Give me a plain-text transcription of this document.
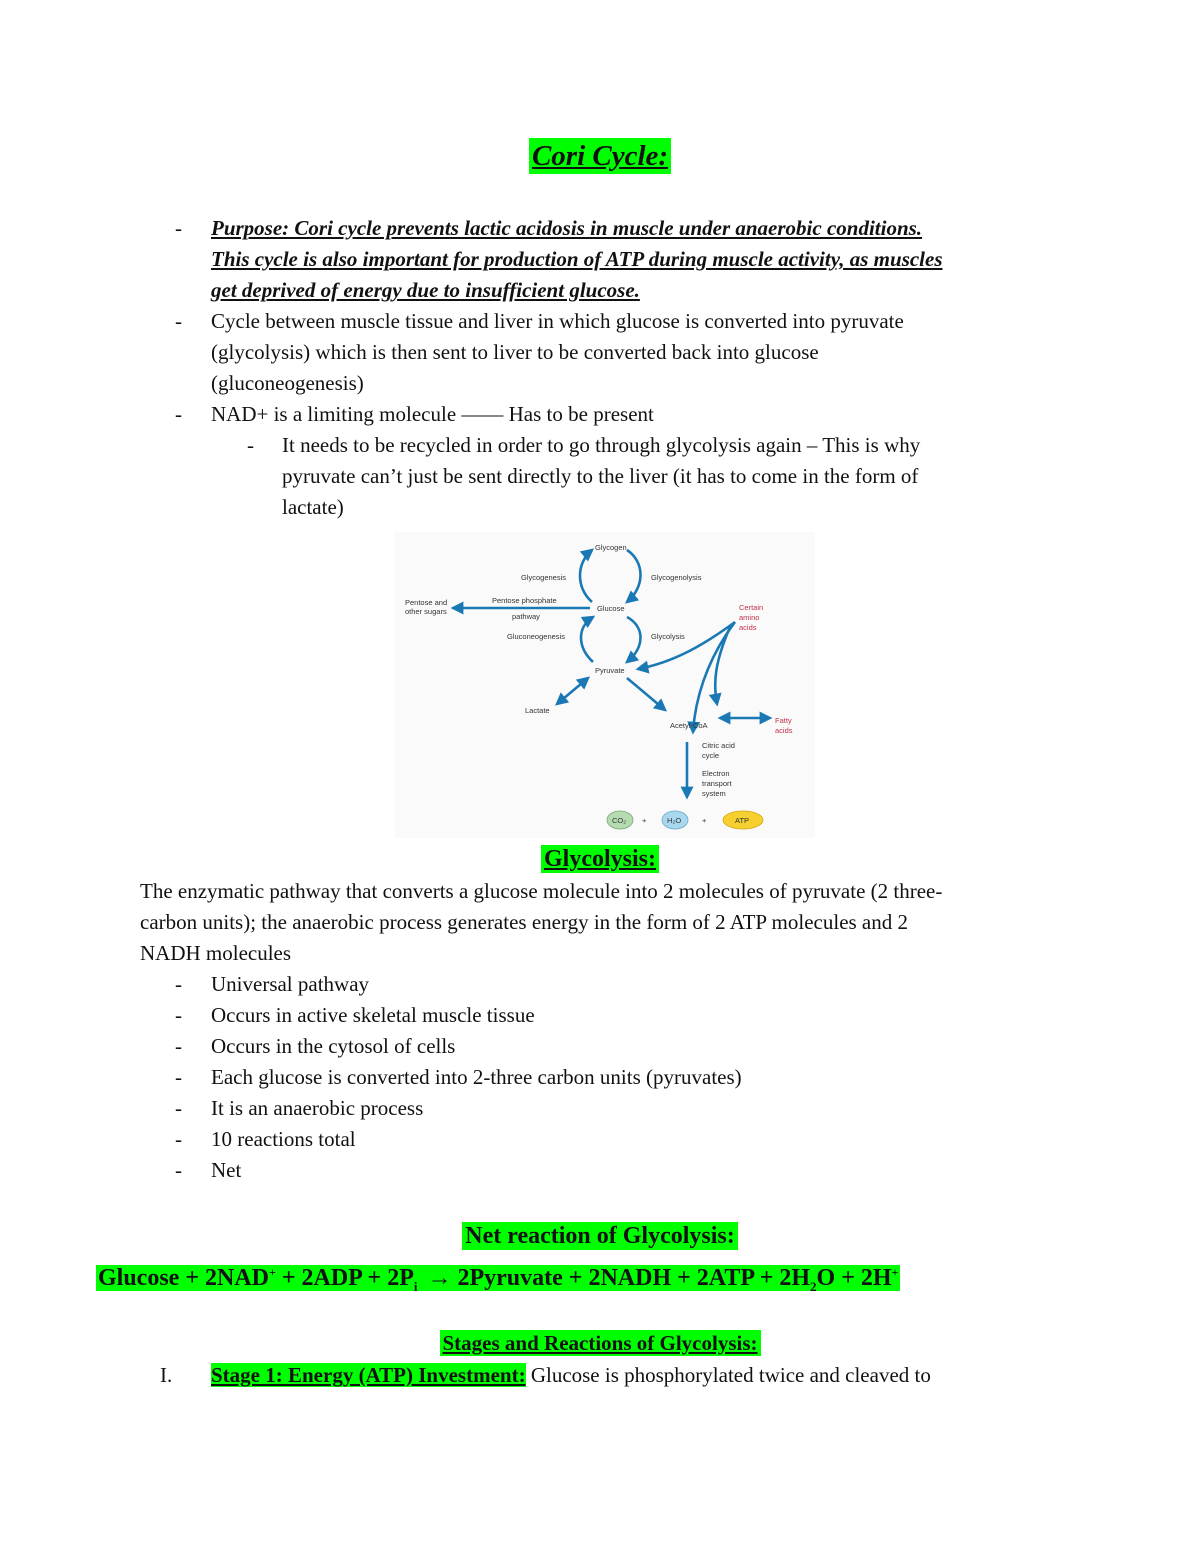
Cori Cycle:
- Purpose: Cori cycle prevents lactic acidosis in muscle under anaerobic conditions.
This cycle is also important for production of ATP during muscle activity, as muscles
get deprived of energy due to insufficient glucose.
- Cycle between muscle tissue and liver in which glucose is converted into pyruvate
(glycolysis) which is then sent to liver to be converted back into glucose
(gluconeogenesis)
- NAD+ is a limiting molecule —— Has to be present
- It needs to be recycled in order to go through glycolysis again – This is why
pyruvate can’t just be sent directly to the liver (it has to come in the form of
lactate)
Glycogen
Glycogenesis	Glycogenolysis
Pentose and
other sugars
Pentose phosphate
pathway
Glucose	Certain
amino
acids
Gluconeogenesis	Glycolysis
Pyruvate
Lactate
Acetyl-CoA
Fatty
acids
Citric acid
cycle
Electron
transport
system
CO₂ +	H₂O	+	ATP
Glycolysis:
The enzymatic pathway that converts a glucose molecule into 2 molecules of pyruvate (2 three-
carbon units); the anaerobic process generates energy in the form of 2 ATP molecules and 2
NADH molecules
- Universal pathway
- Occurs in active skeletal muscle tissue
- Occurs in the cytosol of cells
- Each glucose is converted into 2-three carbon units (pyruvates)
- It is an anaerobic process
- 10 reactions total
- Net
Net reaction of Glycolysis:
$Glucose + 2NAD^+ + 2ADP + 2P_i$ → 2Pyruvate + 2NADH + $2ATP + 2H_2O + 2H^+$
Stages and Reactions of Glycolysis:
I. Stage 1: Energy (ATP) Investment: Glucose is phosphorylated twice and cleaved to
